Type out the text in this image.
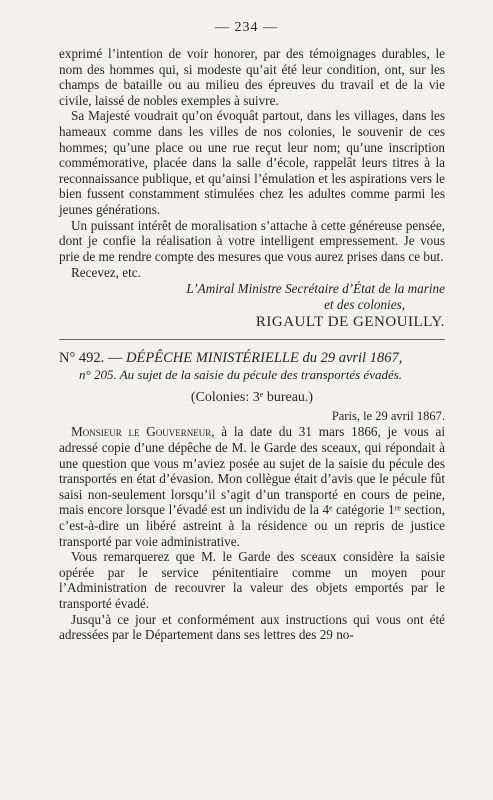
— 234 —

exprimé l’intention de voir honorer, par des témoignages durables, le nom des hommes qui, si modeste qu’ait été leur condition, ont, sur les champs de bataille ou au milieu des épreuves du travail et de la vie civile, laissé de nobles exemples à suivre.

Sa Majesté voudrait qu’on évoquât partout, dans les villages, dans les hameaux comme dans les villes de nos colonies, le souvenir de ces hommes; qu’une place ou une rue reçut leur nom; qu’une inscription commémorative, placée dans la salle d’école, rappelât leurs titres à la reconnaissance publique, et qu’ainsi l’émulation et les aspirations vers le bien fussent constamment stimulées chez les adultes comme parmi les jeunes générations.

Un puissant intérêt de moralisation s’attache à cette généreuse pensée, dont je confie la réalisation à votre intelligent empressement. Je vous prie de me rendre compte des mesures que vous aurez prises dans ce but.

Recevez, etc.

L’Amiral Ministre Secrétaire d’État de la marine

et des colonies,

RIGAULT DE GENOUILLY.

N° 492. — DÉPÊCHE MINISTÉRIELLE du 29 avril 1867,

n° 205. Au sujet de la saisie du pécule des transportés évadés.

(Colonies: 3ᵉ bureau.)

Paris, le 29 avril 1867.

Monsieur le Gouverneur, à la date du 31 mars 1866, je vous ai adressé copie d’une dépêche de M. le Garde des sceaux, qui répondait à une question que vous m’aviez posée au sujet de la saisie du pécule des transportés en état d’évasion. Mon collègue était d’avis que le pécule fût saisi non-seulement lorsqu’il s’agit d’un transporté en cours de peine, mais encore lorsque l’évadé est un individu de la 4ᵉ catégorie 1ʳᵉ section, c’est-à-dire un libéré astreint à la résidence ou un repris de justice transporté par voie administrative.

Vous remarquerez que M. le Garde des sceaux considère la saisie opérée par le service pénitentiaire comme un moyen pour l’Administration de recouvrer la valeur des objets emportés par le transporté évadé.

Jusqu’à ce jour et conformément aux instructions qui vous ont été adressées par le Département dans ses lettres des 29 no-
